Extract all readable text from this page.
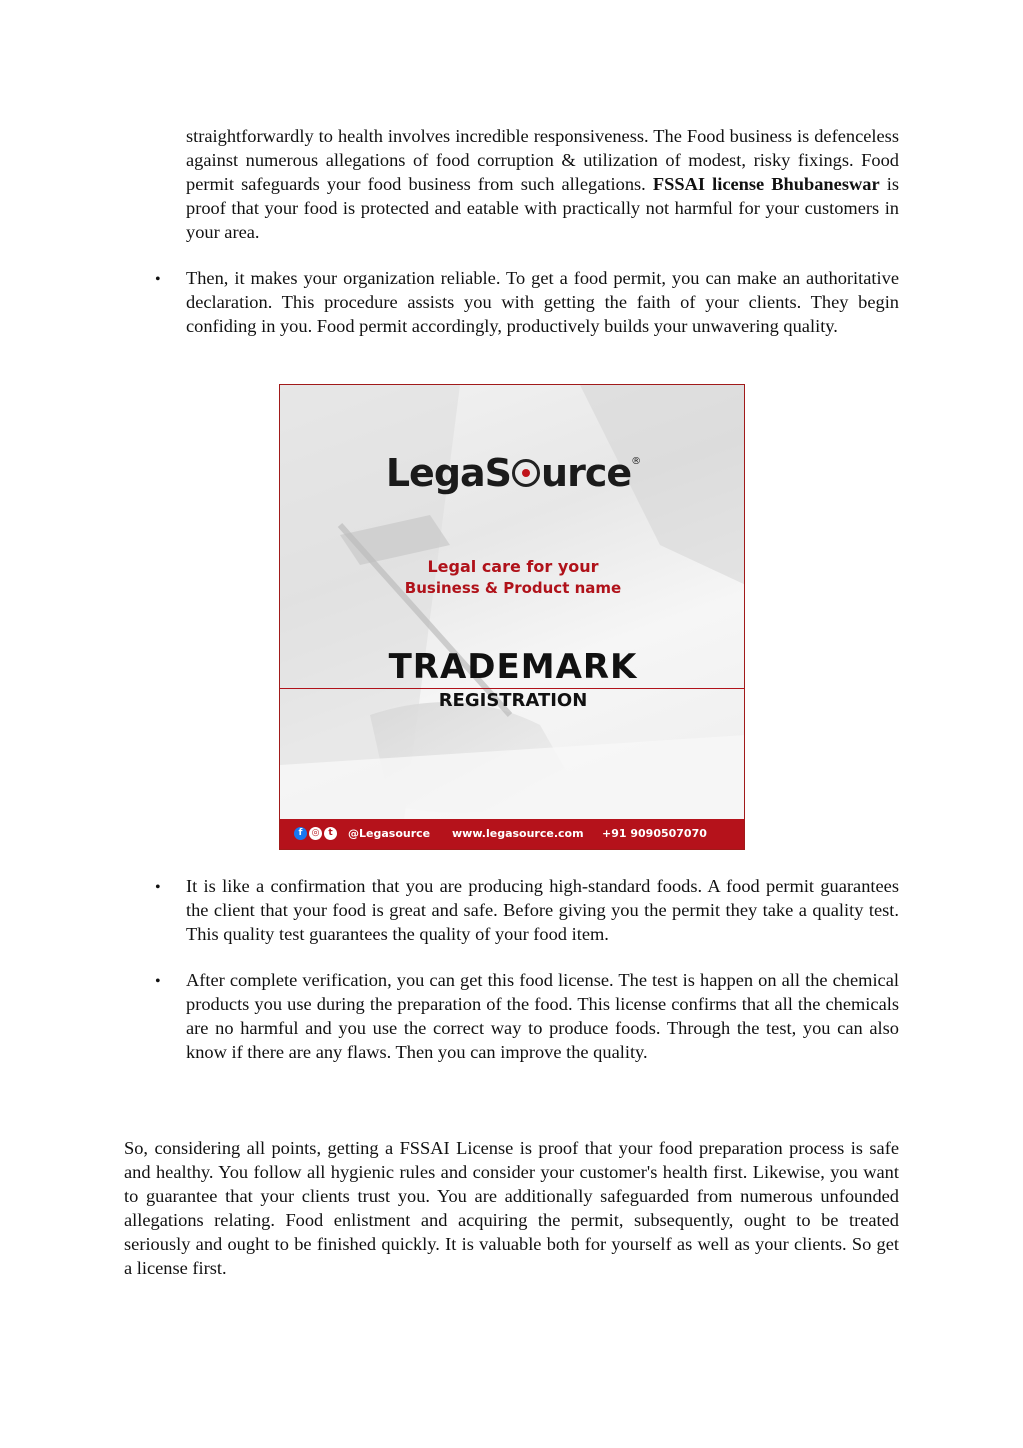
straightforwardly to health involves incredible responsiveness. The Food business is defenceless against numerous allegations of food corruption & utilization of modest, risky fixings. Food permit safeguards your food business from such allegations. FSSAI license Bhubaneswar is proof that your food is protected and eatable with practically not harmful for your customers in your area.

• Then, it makes your organization reliable. To get a food permit, you can make an authoritative declaration. This procedure assists you with getting the faith of your clients. They begin confiding in you. Food permit accordingly, productively builds your unwavering quality.

LegaS urce®
Legal care for your
Business & Product name
TRADEMARK
REGISTRATION
f ◎ t	@Legasource www.legasource.com +91 9090507070
• It is like a confirmation that you are producing high-standard foods. A food permit guarantees the client that your food is great and safe. Before giving you the permit they take a quality test. This quality test guarantees the quality of your food item.

• After complete verification, you can get this food license. The test is happen on all the chemical products you use during the preparation of the food. This license confirms that all the chemicals are no harmful and you use the correct way to produce foods. Through the test, you can also know if there are any flaws. Then you can improve the quality.

So, considering all points, getting a FSSAI License is proof that your food preparation process is safe and healthy. You follow all hygienic rules and consider your customer's health first. Likewise, you want to guarantee that your clients trust you. You are additionally safeguarded from numerous unfounded allegations relating. Food enlistment and acquiring the permit, subsequently, ought to be treated seriously and ought to be finished quickly. It is valuable both for yourself as well as your clients. So get a license first.
